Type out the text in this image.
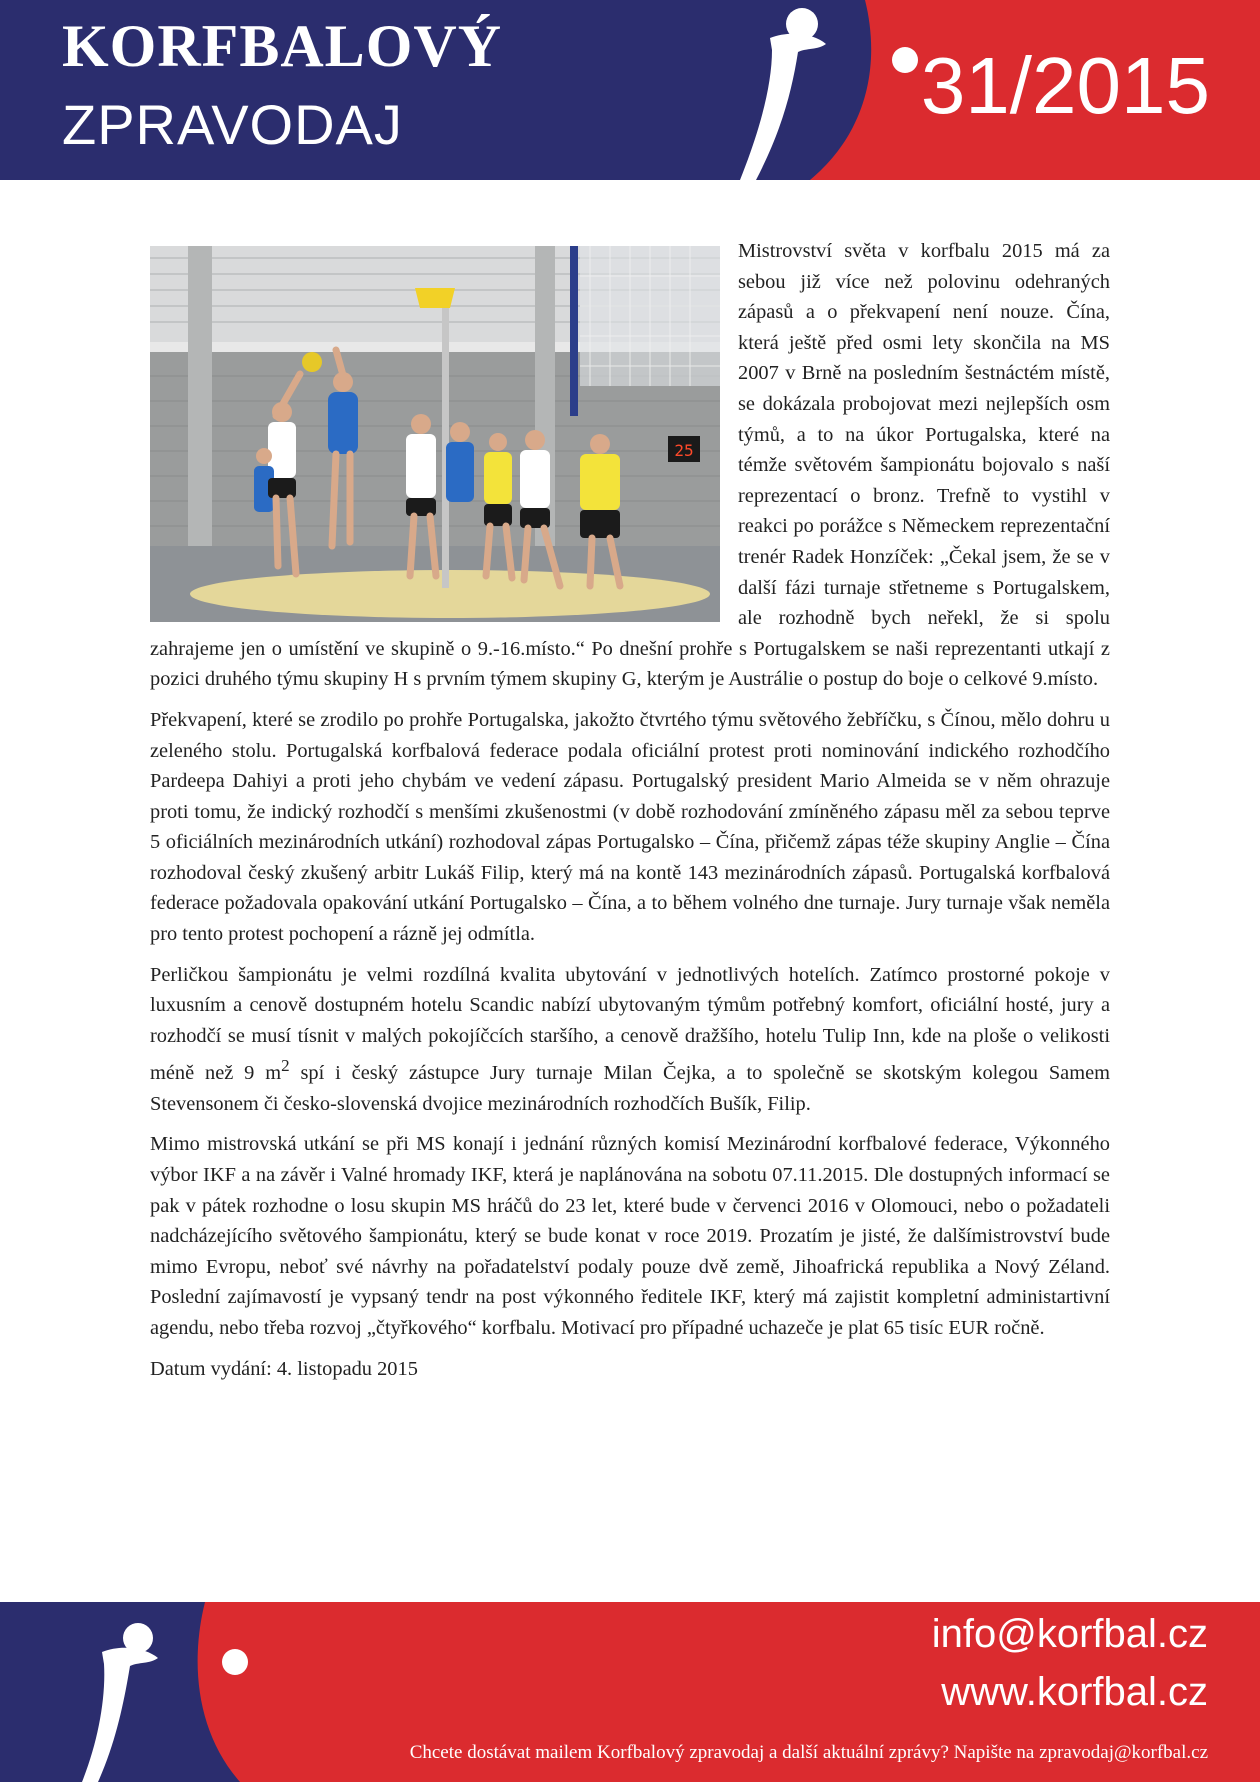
KORFBALOVÝ
ZPRAVODAJ	31/2015
25

Mistrovství světa v korfbalu 2015 má za sebou již více než polovinu odehraných zápasů a o překvapení není nouze. Čína, která ještě před osmi lety skončila na MS 2007 v Brně na posledním šestnáctém místě, se dokázala probojovat mezi nejlepších osm týmů, a to na úkor Portugalska, které na témže světovém šampionátu bojovalo s naší reprezentací o bronz. Trefně to vystihl v reakci po porážce s Německem reprezentační trenér Radek Honzíček: „Čekal jsem, že se v další fázi turnaje střetneme s Portugalskem, ale rozhodně bych neřekl, že si spolu zahrajeme jen o umístění ve skupině o 9.-16.místo.“ Po dnešní prohře s Portugalskem se naši reprezentanti utkají z pozici druhého týmu skupiny H s prvním týmem skupiny G, kterým je Austrálie o postup do boje o celkové 9.místo.

Překvapení, které se zrodilo po prohře Portugalska, jakožto čtvrtého týmu světového žebříčku, s Čínou, mělo dohru u zeleného stolu. Portugalská korfbalová federace podala oficiální protest proti nominování indického rozhodčího Pardeepa Dahiyi a proti jeho chybám ve vedení zápasu. Portugalský president Mario Almeida se v něm ohrazuje proti tomu, že indický rozhodčí s menšími zkušenostmi (v době rozhodování zmíněného zápasu měl za sebou teprve 5 oficiálních mezinárodních utkání) rozhodoval zápas Portugalsko – Čína, přičemž zápas téže skupiny Anglie – Čína rozhodoval český zkušený arbitr Lukáš Filip, který má na kontě 143 mezinárodních zápasů. Portugalská korfbalová federace požadovala opakování utkání Portugalsko – Čína, a to během volného dne turnaje. Jury turnaje však neměla pro tento protest pochopení a rázně jej odmítla.

Perličkou šampionátu je velmi rozdílná kvalita ubytování v jednotlivých hotelích. Zatímco prostorné pokoje v luxusním a cenově dostupném hotelu Scandic nabízí ubytovaným týmům potřebný komfort, oficiální hosté, jury a rozhodčí se musí tísnit v malých pokojíčcích staršího, a cenově dražšího, hotelu Tulip Inn, kde na ploše o velikosti méně než 9 $m^2$ spí i český zástupce Jury turnaje Milan Čejka, a to společně se skotským kolegou Samem Stevensonem či česko-slovenská dvojice mezinárodních rozhodčích Bušík, Filip.

Mimo mistrovská utkání se při MS konají i jednání různých komisí Mezinárodní korfbalové federace, Výkonného výbor IKF a na závěr i Valné hromady IKF, která je naplánována na sobotu 07.11.2015. Dle dostupných informací se pak v pátek rozhodne o losu skupin MS hráčů do 23 let, které bude v červenci 2016 v Olomouci, nebo o požadateli nadcházejícího světového šampionátu, který se bude konat v roce 2019. Prozatím je jisté, že dalšímistrovství bude mimo Evropu, neboť své návrhy na pořadatelství podaly pouze dvě země, Jihoafrická republika a Nový Zéland. Poslední zajímavostí je vypsaný tendr na post výkonného ředitele IKF, který má zajistit kompletní administartivní agendu, nebo třeba rozvoj „čtyřkového“ korfbalu. Motivací pro případné uchazeče je plat 65 tisíc EUR ročně.

Datum vydání: 4. listopadu 2015

info@korfbal.cz
www.korfbal.cz
Chcete dostávat mailem Korfbalový zpravodaj a další aktuální zprávy? Napište na zpravodaj@korfbal.cz
